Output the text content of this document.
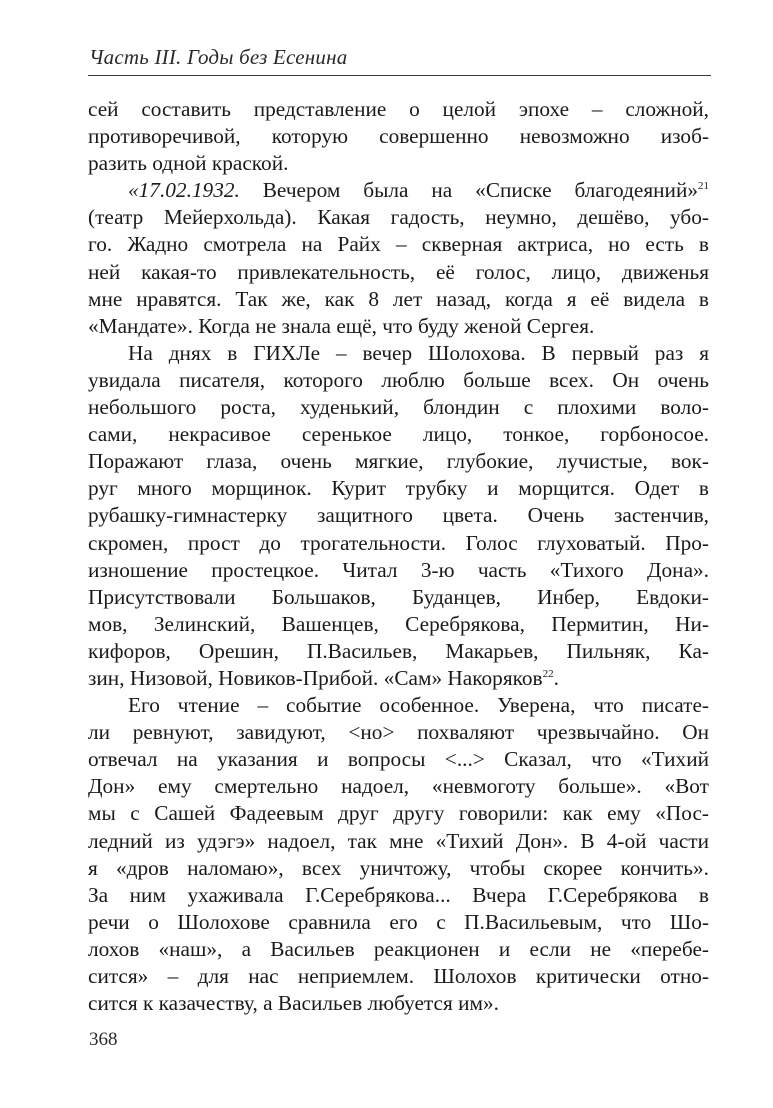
Часть III. Годы без Есенина
сей составить представление о целой эпохе – сложной,
противоречивой, которую совершенно невозможно изоб-
разить одной краской.
«17.02.1932. Вечером была на «Списке благодеяний»$^{21}$
(театр Мейерхольда). Какая гадость, неумно, дешёво, убо-
го. Жадно смотрела на Райх – скверная актриса, но есть в
ней какая-то привлекательность, её голос, лицо, движенья
мне нравятся. Так же, как 8 лет назад, когда я её видела в
«Мандате». Когда не знала ещё, что буду женой Сергея.
На днях в ГИХЛе – вечер Шолохова. В первый раз я
увидала писателя, которого люблю больше всех. Он очень
небольшого роста, худенький, блондин с плохими воло-
сами, некрасивое серенькое лицо, тонкое, горбоносое.
Поражают глаза, очень мягкие, глубокие, лучистые, вок-
руг много морщинок. Курит трубку и морщится. Одет в
рубашку-гимнастерку защитного цвета. Очень застенчив,
скромен, прост до трогательности. Голос глуховатый. Про-
изношение простецкое. Читал 3-ю часть «Тихого Дона».
Присутствовали Большаков, Буданцев, Инбер, Евдоки-
мов, Зелинский, Вашенцев, Серебрякова, Пермитин, Ни-
кифоров, Орешин, П.Васильев, Макарьев, Пильняк, Ка-
зин, Низовой, Новиков-Прибой. «Сам» Накоряков$^{22}$.
Его чтение – событие особенное. Уверена, что писате-
ли ревнуют, завидуют, <но> похваляют чрезвычайно. Он
отвечал на указания и вопросы <...> Сказал, что «Тихий
Дон» ему смертельно надоел, «невмоготу больше». «Вот
мы с Сашей Фадеевым друг другу говорили: как ему «Пос-
ледний из удэгэ» надоел, так мне «Тихий Дон». В 4-ой части
я «дров наломаю», всех уничтожу, чтобы скорее кончить».
За ним ухаживала Г.Серебрякова... Вчера Г.Серебрякова в
речи о Шолохове сравнила его с П.Васильевым, что Шо-
лохов «наш», а Васильев реакционен и если не «перебе-
сится» – для нас неприемлем. Шолохов критически отно-
сится к казачеству, а Васильев любуется им».
368
